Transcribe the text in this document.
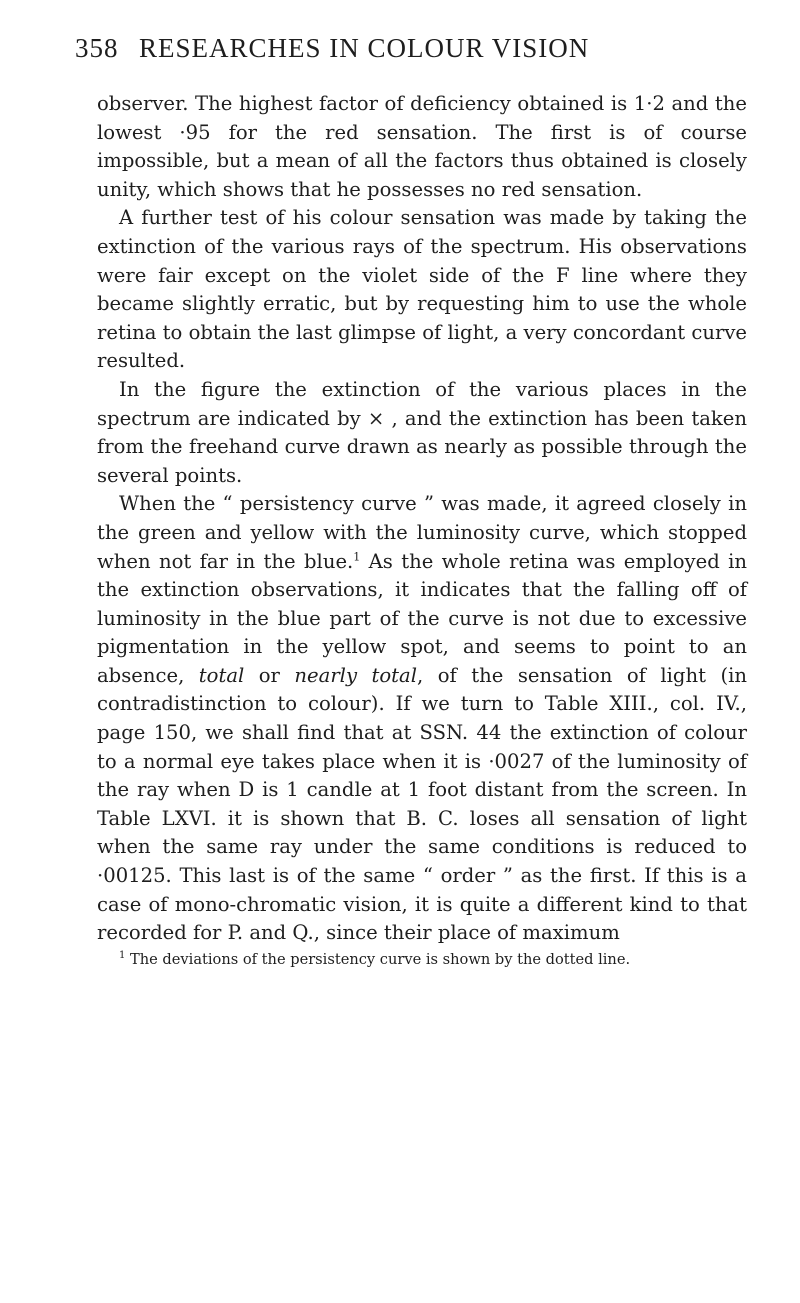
358 RESEARCHES IN COLOUR VISION

observer. The highest factor of deficiency obtained is 1·2 and the lowest ·95 for the red sensation. The first is of course impossible, but a mean of all the factors thus obtained is closely unity, which shows that he possesses no red sensation.

A further test of his colour sensation was made by taking the extinction of the various rays of the spectrum. His observations were fair except on the violet side of the F line where they became slightly erratic, but by requesting him to use the whole retina to obtain the last glimpse of light, a very concordant curve resulted.

In the figure the extinction of the various places in the spectrum are indicated by × , and the extinction has been taken from the freehand curve drawn as nearly as possible through the several points.

When the “ persistency curve ” was made, it agreed closely in the green and yellow with the luminosity curve, which stopped when not far in the blue.$^1$ As the whole retina was employed in the extinction observations, it indicates that the falling off of luminosity in the blue part of the curve is not due to excessive pigmentation in the yellow spot, and seems to point to an absence, total or nearly total, of the sensation of light (in contradistinction to colour). If we turn to Table XIII., col. IV., page 150, we shall find that at SSN. 44 the extinction of colour to a normal eye takes place when it is ·0027 of the luminosity of the ray when D is 1 candle at 1 foot distant from the screen. In Table LXVI. it is shown that B. C. loses all sensation of light when the same ray under the same conditions is reduced to ·00125. This last is of the same “ order ” as the first. If this is a case of mono-chromatic vision, it is quite a different kind to that recorded for P. and Q., since their place of maximum

$^1$ The deviations of the persistency curve is shown by the dotted line.
